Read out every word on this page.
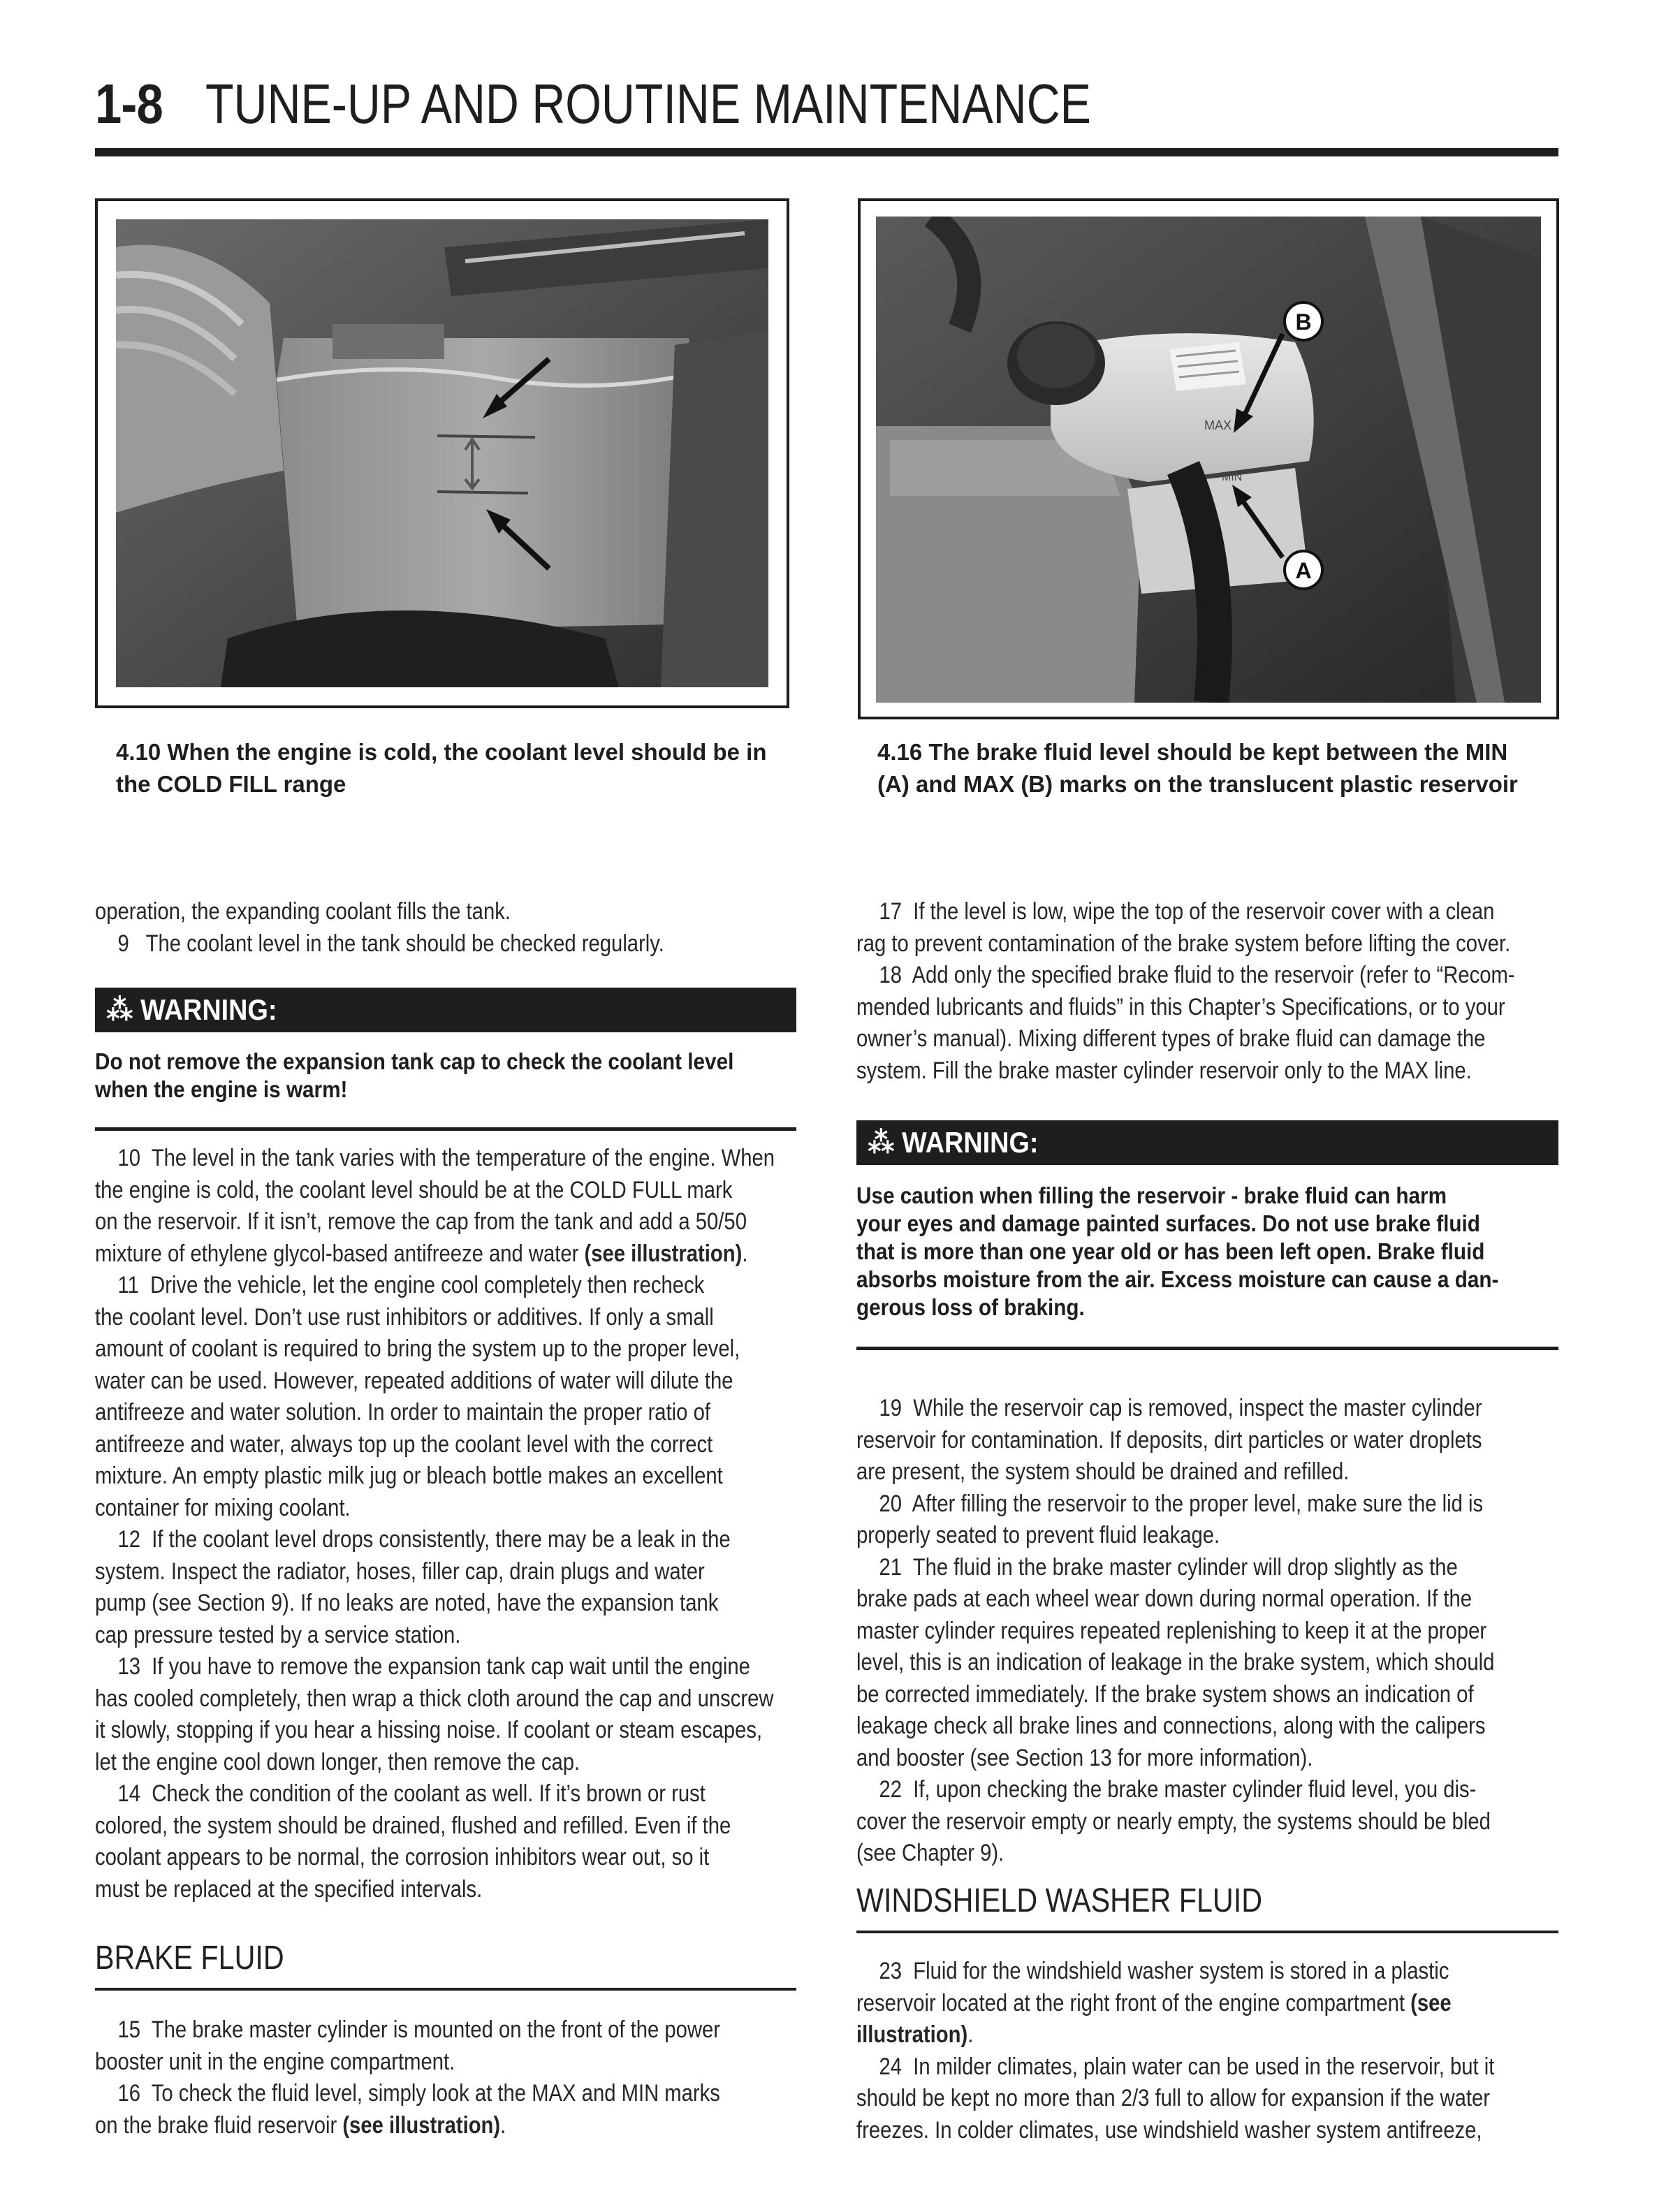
1-8 TUNE-UP AND ROUTINE MAINTENANCE
4.10 When the engine is cold, the coolant level should be in
the COLD FILL range
MAX
MIN
B
A
4.16 The brake fluid level should be kept between the MIN
(A) and MAX (B) marks on the translucent plastic reservoir

operation, the expanding coolant fills the tank.

9   The coolant level in the tank should be checked regularly.

⁂ WARNING:

Do not remove the expansion tank cap to check the coolant level

when the engine is warm!

10  The level in the tank varies with the temperature of the engine. When

the engine is cold, the coolant level should be at the COLD FULL mark

on the reservoir. If it isn’t, remove the cap from the tank and add a 50/50

mixture of ethylene glycol-based antifreeze and water (see illustration).

11  Drive the vehicle, let the engine cool completely then recheck

the coolant level. Don’t use rust inhibitors or additives. If only a small

amount of coolant is required to bring the system up to the proper level,

water can be used. However, repeated additions of water will dilute the

antifreeze and water solution. In order to maintain the proper ratio of

antifreeze and water, always top up the coolant level with the correct

mixture. An empty plastic milk jug or bleach bottle makes an excellent

container for mixing coolant.

12  If the coolant level drops consistently, there may be a leak in the

system. Inspect the radiator, hoses, filler cap, drain plugs and water

pump (see Section 9). If no leaks are noted, have the expansion tank

cap pressure tested by a service station.

13  If you have to remove the expansion tank cap wait until the engine

has cooled completely, then wrap a thick cloth around the cap and unscrew

it slowly, stopping if you hear a hissing noise. If coolant or steam escapes,

let the engine cool down longer, then remove the cap.

14  Check the condition of the coolant as well. If it’s brown or rust

colored, the system should be drained, flushed and refilled. Even if the

coolant appears to be normal, the corrosion inhibitors wear out, so it

must be replaced at the specified intervals.

BRAKE FLUID

15  The brake master cylinder is mounted on the front of the power

booster unit in the engine compartment.

16  To check the fluid level, simply look at the MAX and MIN marks

on the brake fluid reservoir (see illustration).

17  If the level is low, wipe the top of the reservoir cover with a clean

rag to prevent contamination of the brake system before lifting the cover.

18  Add only the specified brake fluid to the reservoir (refer to “Recom-

mended lubricants and fluids” in this Chapter’s Specifications, or to your

owner’s manual). Mixing different types of brake fluid can damage the

system. Fill the brake master cylinder reservoir only to the MAX line.

⁂ WARNING:

Use caution when filling the reservoir - brake fluid can harm

your eyes and damage painted surfaces. Do not use brake fluid

that is more than one year old or has been left open. Brake fluid

absorbs moisture from the air. Excess moisture can cause a dan-

gerous loss of braking.

19  While the reservoir cap is removed, inspect the master cylinder

reservoir for contamination. If deposits, dirt particles or water droplets

are present, the system should be drained and refilled.

20  After filling the reservoir to the proper level, make sure the lid is

properly seated to prevent fluid leakage.

21  The fluid in the brake master cylinder will drop slightly as the

brake pads at each wheel wear down during normal operation. If the

master cylinder requires repeated replenishing to keep it at the proper

level, this is an indication of leakage in the brake system, which should

be corrected immediately. If the brake system shows an indication of

leakage check all brake lines and connections, along with the calipers

and booster (see Section 13 for more information).

22  If, upon checking the brake master cylinder fluid level, you dis-

cover the reservoir empty or nearly empty, the systems should be bled

(see Chapter 9).

WINDSHIELD WASHER FLUID

23  Fluid for the windshield washer system is stored in a plastic

reservoir located at the right front of the engine compartment (see

illustration).

24  In milder climates, plain water can be used in the reservoir, but it

should be kept no more than 2/3 full to allow for expansion if the water

freezes. In colder climates, use windshield washer system antifreeze,
